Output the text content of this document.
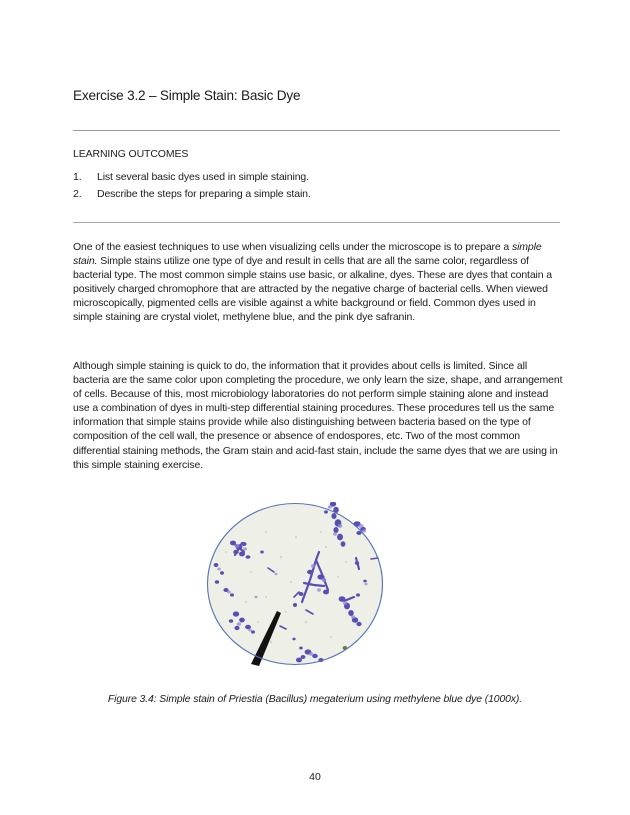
Exercise 3.2 – Simple Stain: Basic Dye
LEARNING OUTCOMES
1.	List several basic dyes used in simple staining.
2.	Describe the steps for preparing a simple stain.

One of the easiest techniques to use when visualizing cells under the microscope is to prepare a simple stain. Simple stains utilize one type of dye and result in cells that are all the same color, regardless of bacterial type. The most common simple stains use basic, or alkaline, dyes. These are dyes that contain a positively charged chromophore that are attracted by the negative charge of bacterial cells. When viewed microscopically, pigmented cells are visible against a white background or field. Common dyes used in simple staining are crystal violet, methylene blue, and the pink dye safranin.

Although simple staining is quick to do, the information that it provides about cells is limited. Since all bacteria are the same color upon completing the procedure, we only learn the size, shape, and arrangement of cells. Because of this, most microbiology laboratories do not perform simple staining alone and instead use a combination of dyes in multi-step differential staining procedures. These procedures tell us the same information that simple stains provide while also distinguishing between bacteria based on the type of composition of the cell wall, the presence or absence of endospores, etc. Two of the most common differential staining methods, the Gram stain and acid-fast stain, include the same dyes that we are using in this simple staining exercise.

Figure 3.4: Simple stain of Priestia (Bacillus) megaterium using methylene blue dye (1000x).
40
